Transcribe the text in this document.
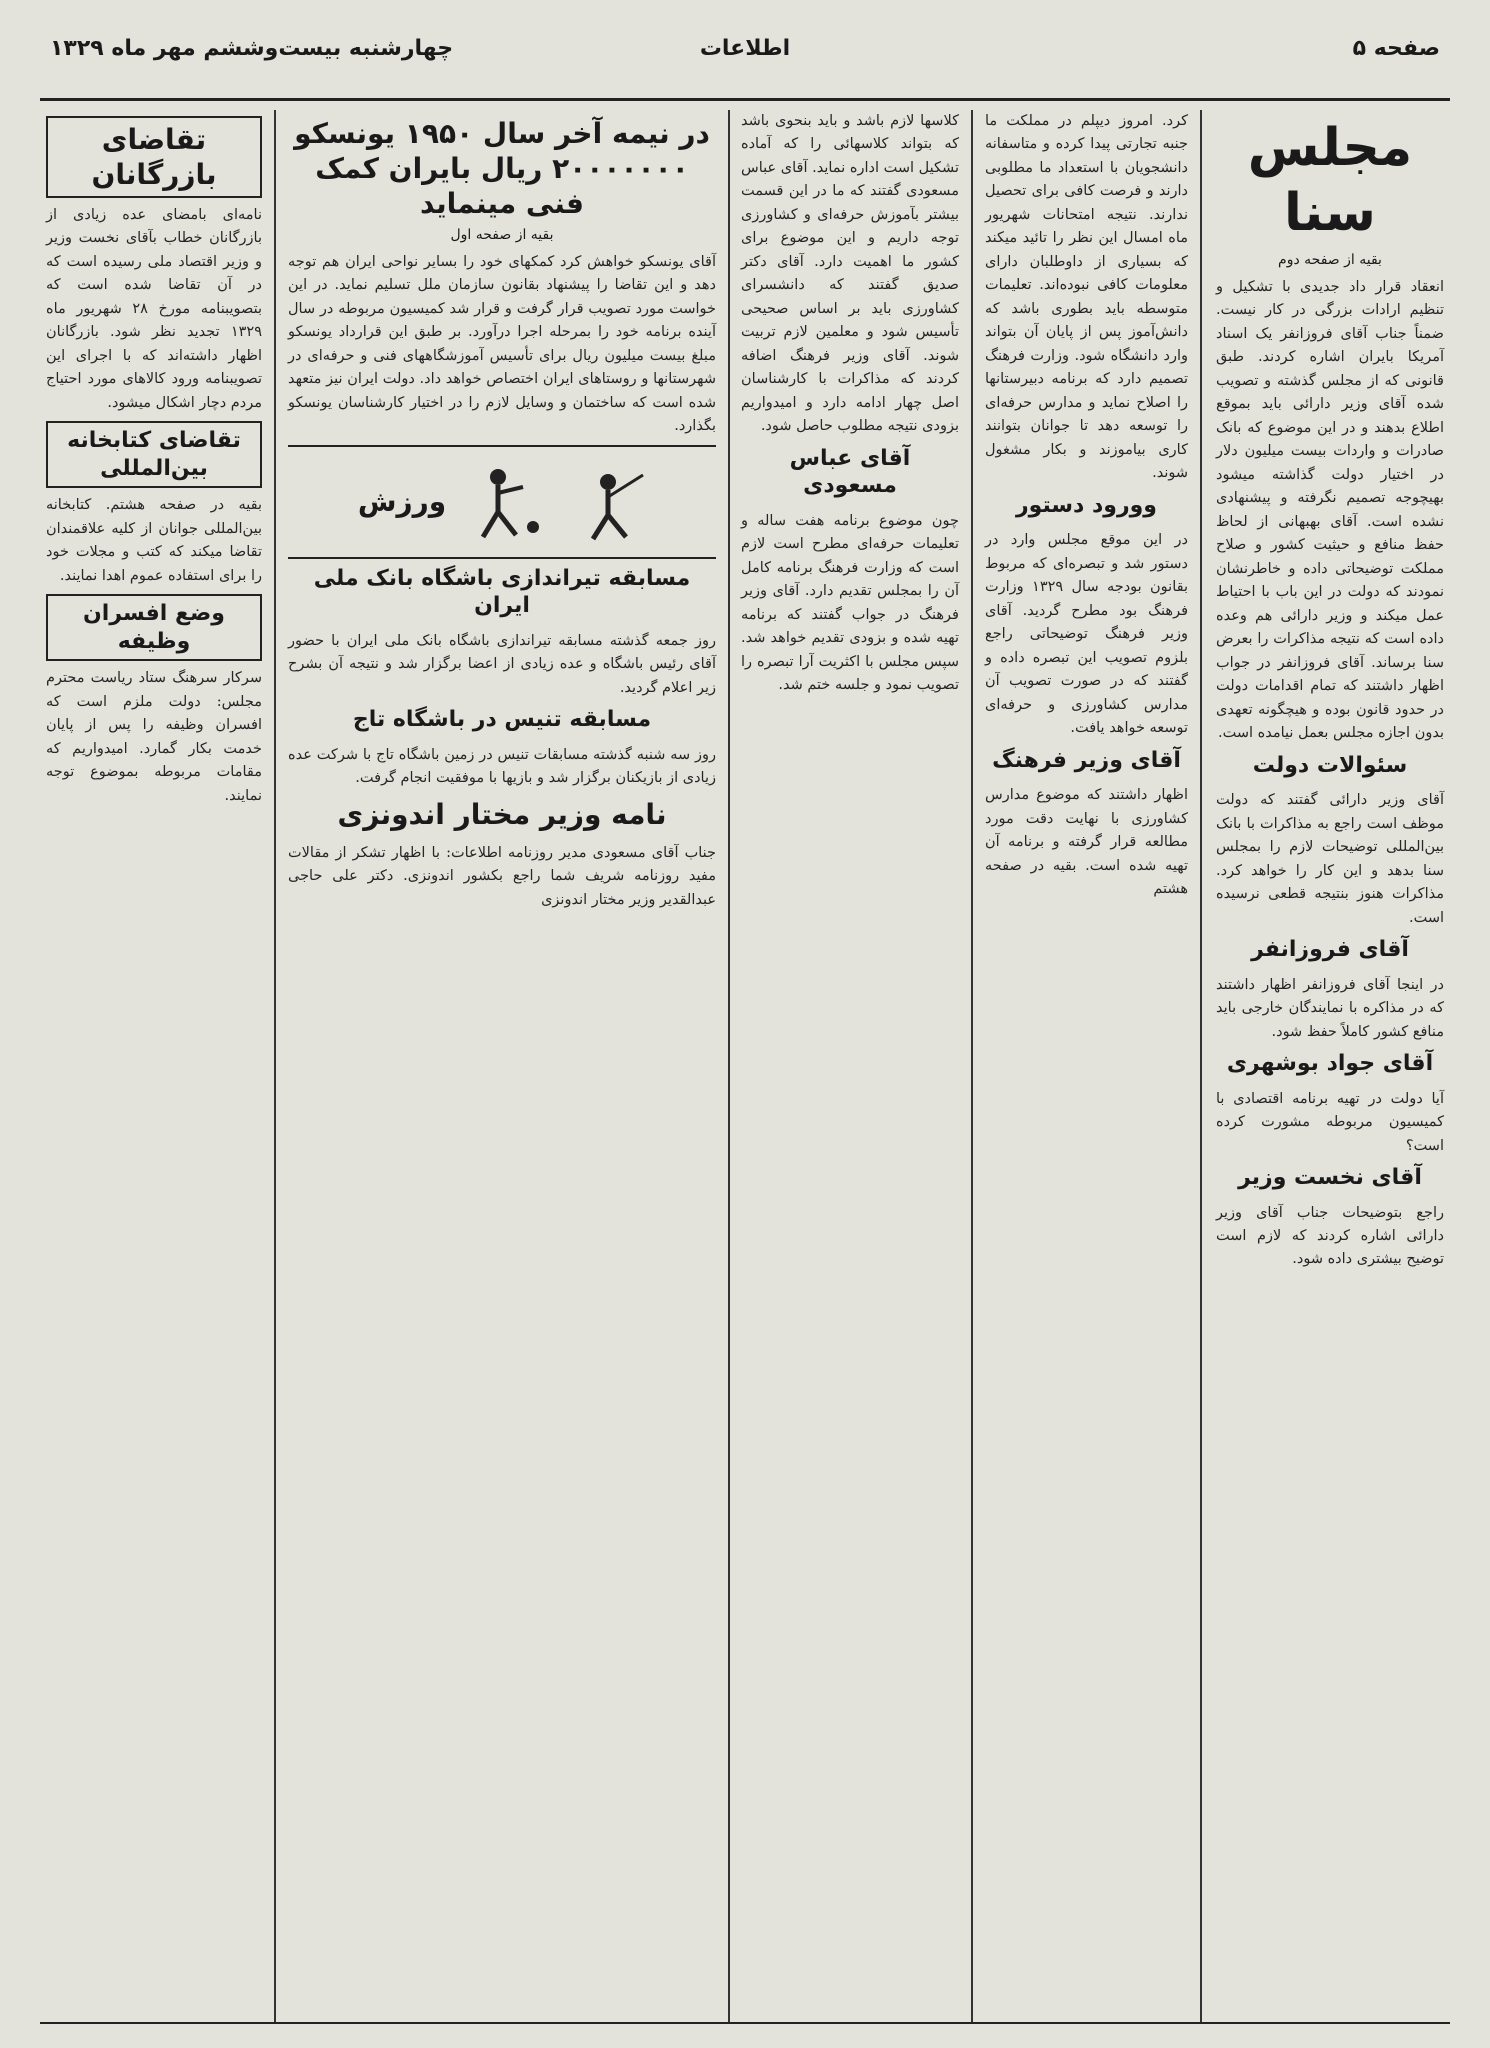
صفحه ۵
اطلاعات
چهارشنبه بیست‌وششم مهر ماه ۱۳۲۹
مجلس سنا
بقیه از صفحه دوم
انعقاد قرار داد جدیدی با تشکیل و تنظیم ارادات بزرگی در کار نیست. ضمناً جناب آقای فروزانفر یک اسناد آمریکا بایران اشاره کردند. طبق قانونی که از مجلس گذشته و تصویب شده آقای وزیر دارائی باید بموقع اطلاع بدهند و در این موضوع که بانک صادرات و واردات بیست میلیون دلار در اختیار دولت گذاشته میشود بهیچوجه تصمیم نگرفته و پیشنهادی نشده است. آقای بهبهانی از لحاظ حفظ منافع و حیثیت کشور و صلاح مملکت توضیحاتی داده و خاطرنشان نمودند که دولت در این باب با احتیاط عمل میکند و وزیر دارائی هم وعده داده است که نتیجه مذاکرات را بعرض سنا برساند. آقای فروزانفر در جواب اظهار داشتند که تمام اقدامات دولت در حدود قانون بوده و هیچگونه تعهدی بدون اجازه مجلس بعمل نیامده است.
سئوالات دولت
آقای وزیر دارائی گفتند که دولت موظف است راجع به مذاکرات با بانک بین‌المللی توضیحات لازم را بمجلس سنا بدهد و این کار را خواهد کرد. مذاکرات هنوز بنتیجه قطعی نرسیده است.
آقای فروزانفر
در اینجا آقای فروزانفر اظهار داشتند که در مذاکره با نمایندگان خارجی باید منافع کشور کاملاً حفظ شود.
آقای جواد بوشهری
آیا دولت در تهیه برنامه اقتصادی با کمیسیون مربوطه مشورت کرده است؟
آقای نخست وزیر
راجع بتوضیحات جناب آقای وزیر دارائی اشاره کردند که لازم است توضیح بیشتری داده شود.
کرد. امروز دیپلم در مملکت ما جنبه تجارتی پیدا کرده و متاسفانه دانشجویان با استعداد ما مطلوبی دارند و فرصت کافی برای تحصیل ندارند. نتیجه امتحانات شهریور ماه امسال این نظر را تائید میکند که بسیاری از داوطلبان دارای معلومات کافی نبوده‌اند. تعلیمات متوسطه باید بطوری باشد که دانش‌آموز پس از پایان آن بتواند وارد دانشگاه شود. وزارت فرهنگ تصمیم دارد که برنامه دبیرستانها را اصلاح نماید و مدارس حرفه‌ای را توسعه دهد تا جوانان بتوانند کاری بیاموزند و بکار مشغول شوند.
وورود دستور
در این موقع مجلس وارد در دستور شد و تبصره‌ای که مربوط بقانون بودجه سال ۱۳۲۹ وزارت فرهنگ بود مطرح گردید. آقای وزیر فرهنگ توضیحاتی راجع بلزوم تصویب این تبصره داده و گفتند که در صورت تصویب آن مدارس کشاورزی و حرفه‌ای توسعه خواهد یافت.
آقای وزیر فرهنگ
اظهار داشتند که موضوع مدارس کشاورزی با نهایت دقت مورد مطالعه قرار گرفته و برنامه آن تهیه شده است. بقیه در صفحه هشتم
کلاسها لازم باشد و باید بنحوی باشد که بتواند کلاسهائی را که آماده تشکیل است اداره نماید. آقای عباس مسعودی گفتند که ما در این قسمت بیشتر بآموزش حرفه‌ای و کشاورزی توجه داریم و این موضوع برای کشور ما اهمیت دارد. آقای دکتر صدیق گفتند که دانشسرای کشاورزی باید بر اساس صحیحی تأسیس شود و معلمین لازم تربیت شوند. آقای وزیر فرهنگ اضافه کردند که مذاکرات با کارشناسان اصل چهار ادامه دارد و امیدواریم بزودی نتیجه مطلوب حاصل شود.
آقای عباس مسعودی
چون موضوع برنامه هفت ساله و تعلیمات حرفه‌ای مطرح است لازم است که وزارت فرهنگ برنامه کامل آن را بمجلس تقدیم دارد. آقای وزیر فرهنگ در جواب گفتند که برنامه تهیه شده و بزودی تقدیم خواهد شد. سپس مجلس با اکثریت آرا تبصره را تصویب نمود و جلسه ختم شد.
در نیمه آخر سال ۱۹۵۰ یونسکو ۲۰۰۰۰۰۰۰ ریال بایران کمک فنی مینماید
بقیه از صفحه اول
آقای یونسکو خواهش کرد کمکهای خود را بسایر نواحی ایران هم توجه دهد و این تقاضا را پیشنهاد بقانون سازمان ملل تسلیم نماید. در این خواست مورد تصویب قرار گرفت و قرار شد کمیسیون مربوطه در سال آینده برنامه خود را بمرحله اجرا درآورد. بر طبق این قرارداد یونسکو مبلغ بیست میلیون ریال برای تأسیس آموزشگاههای فنی و حرفه‌ای در شهرستانها و روستاهای ایران اختصاص خواهد داد. دولت ایران نیز متعهد شده است که ساختمان و وسایل لازم را در اختیار کارشناسان یونسکو بگذارد.
ورزش
مسابقه تیراندازی باشگاه بانک ملی ایران
روز جمعه گذشته مسابقه تیراندازی باشگاه بانک ملی ایران با حضور آقای رئیس باشگاه و عده زیادی از اعضا برگزار شد و نتیجه آن بشرح زیر اعلام گردید.
مسابقه تنیس در باشگاه تاج
روز سه شنبه گذشته مسابقات تنیس در زمین باشگاه تاج با شرکت عده زیادی از بازیکنان برگزار شد و بازیها با موفقیت انجام گرفت.
نامه وزیر مختار اندونزی
جناب آقای مسعودی مدیر روزنامه اطلاعات: با اظهار تشکر از مقالات مفید روزنامه شریف شما راجع بکشور اندونزی. دکتر علی حاجی عبدالقدیر وزیر مختار اندونزی
تقاضای بازرگانان
نامه‌ای بامضای عده زیادی از بازرگانان خطاب بآقای نخست وزیر و وزیر اقتصاد ملی رسیده است که در آن تقاضا شده است که بتصویبنامه مورخ ۲۸ شهریور ماه ۱۳۲۹ تجدید نظر شود. بازرگانان اظهار داشته‌اند که با اجرای این تصویبنامه ورود کالاهای مورد احتیاج مردم دچار اشکال میشود.
تقاضای کتابخانه بین‌المللی
بقیه در صفحه هشتم. کتابخانه بین‌المللی جوانان از کلیه علاقمندان تقاضا میکند که کتب و مجلات خود را برای استفاده عموم اهدا نمایند.
وضع افسران وظیفه
سرکار سرهنگ ستاد ریاست محترم مجلس: دولت ملزم است که افسران وظیفه را پس از پایان خدمت بکار گمارد. امیدواریم که مقامات مربوطه بموضوع توجه نمایند.
